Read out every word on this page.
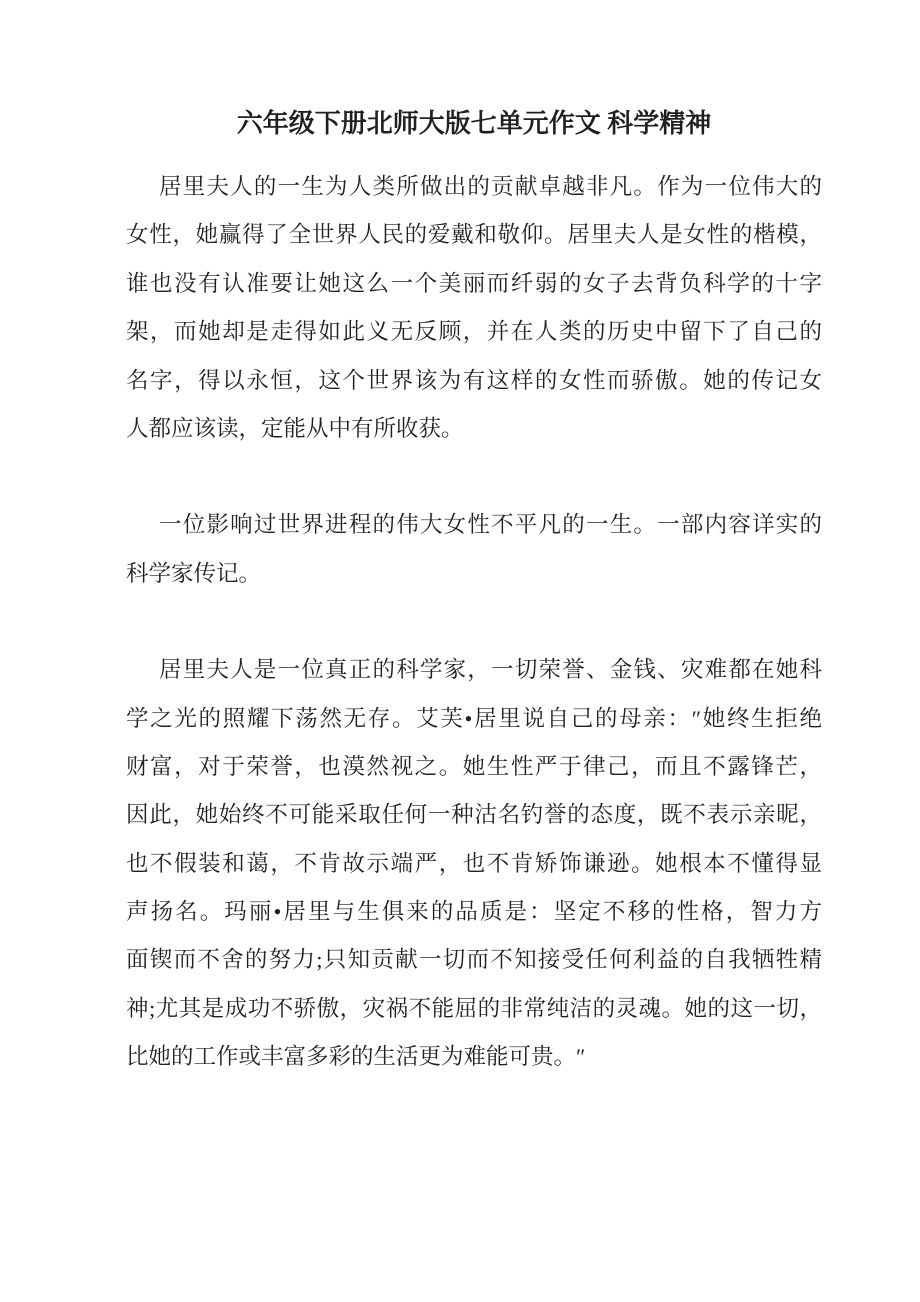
六年级下册北师大版七单元作文 科学精神
居里夫人的一生为人类所做出的贡献卓越非凡。作为一位伟大的
女性，她赢得了全世界人民的爱戴和敬仰。居里夫人是女性的楷模，
谁也没有认准要让她这么一个美丽而纤弱的女子去背负科学的十字
架，而她却是走得如此义无反顾，并在人类的历史中留下了自己的
名字，得以永恒，这个世界该为有这样的女性而骄傲。她的传记女
人都应该读，定能从中有所收获。
一位影响过世界进程的伟大女性不平凡的一生。一部内容详实的
科学家传记。
居里夫人是一位真正的科学家，一切荣誉、金钱、灾难都在她科
学之光的照耀下荡然无存。艾芙•居里说自己的母亲：″她终生拒绝
财富，对于荣誉，也漠然视之。她生性严于律己，而且不露锋芒，
因此，她始终不可能采取任何一种沽名钓誉的态度，既不表示亲昵，
也不假装和蔼，不肯故示端严，也不肯矫饰谦逊。她根本不懂得显
声扬名。玛丽•居里与生俱来的品质是：坚定不移的性格，智力方
面锲而不舍的努力;只知贡献一切而不知接受任何利益的自我牺牲精
神;尤其是成功不骄傲，灾祸不能屈的非常纯洁的灵魂。她的这一切，
比她的工作或丰富多彩的生活更为难能可贵。″
